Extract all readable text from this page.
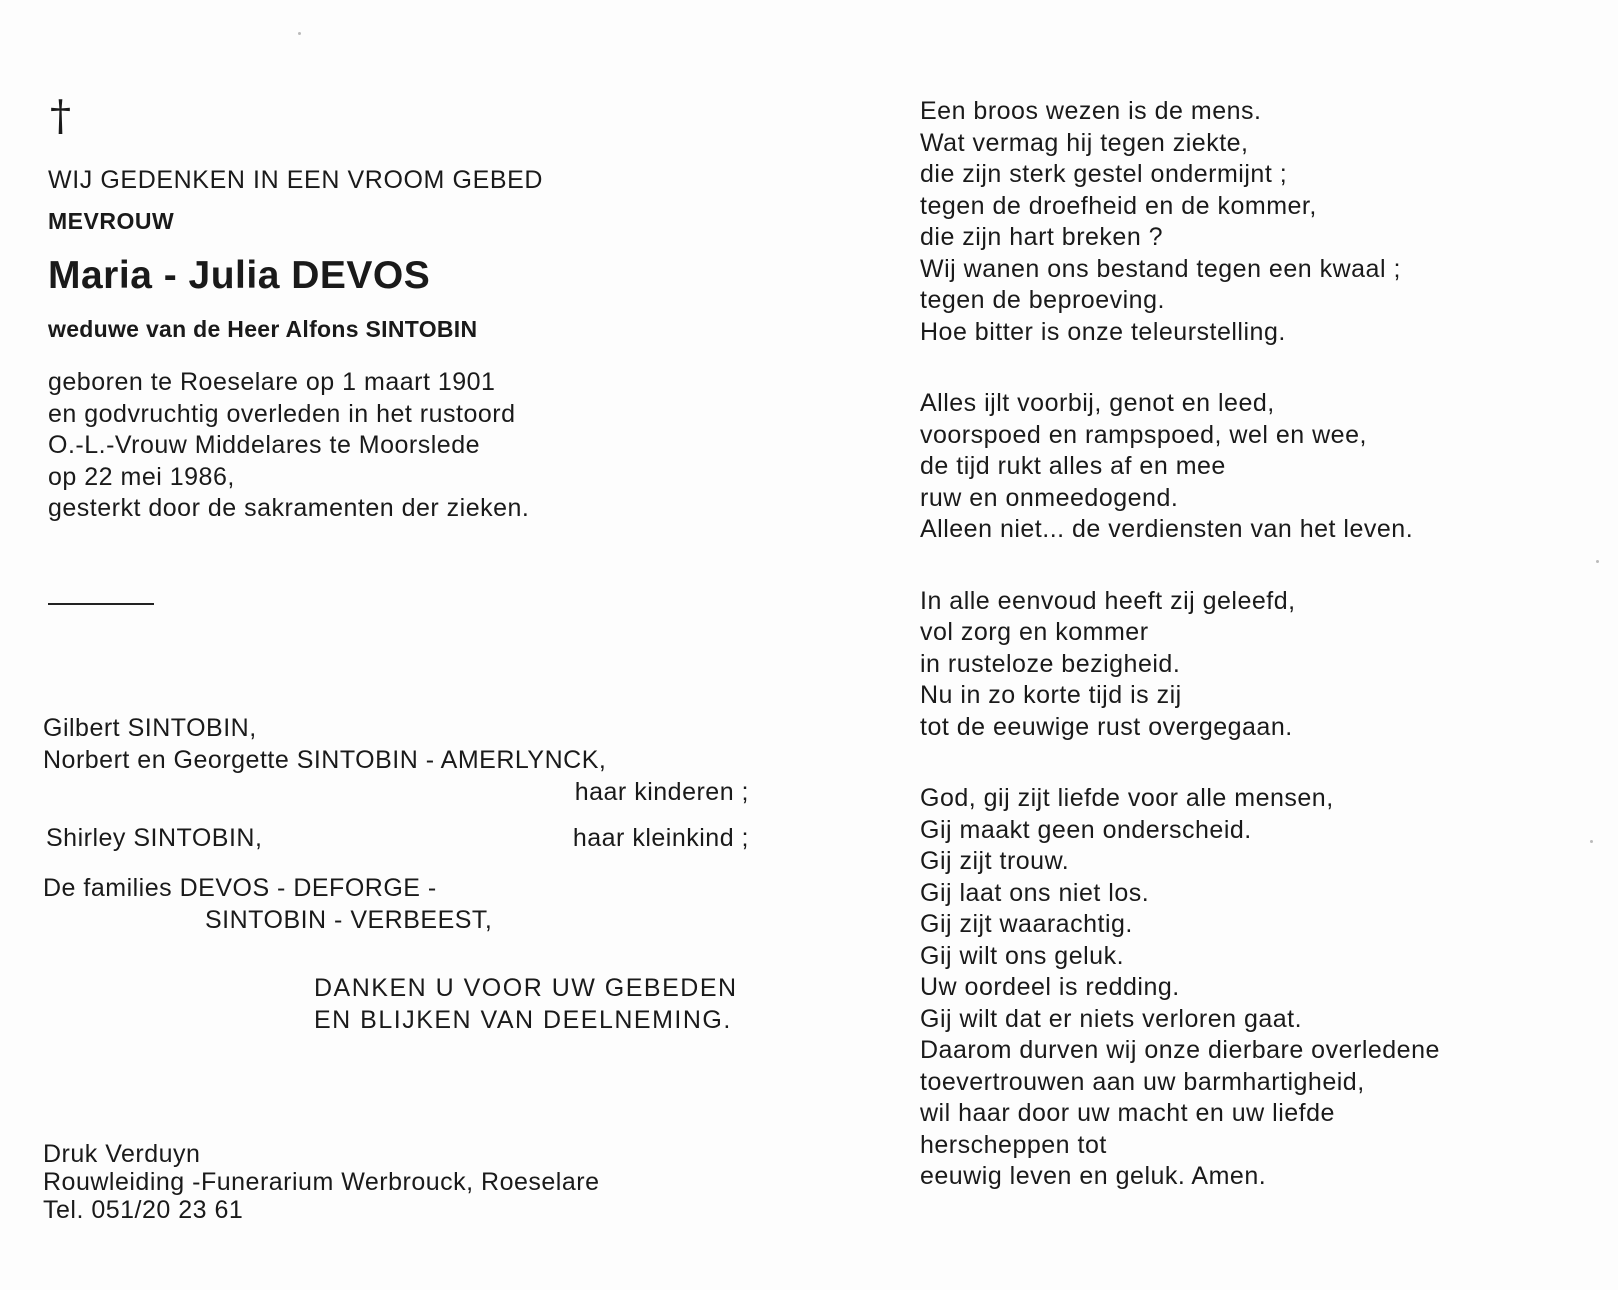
†
WIJ GEDENKEN IN EEN VROOM GEBED
MEVROUW
Maria - Julia DEVOS
weduwe van de Heer Alfons SINTOBIN
geboren te Roeselare op 1 maart 1901
en godvruchtig overleden in het rustoord
O.-L.-Vrouw Middelares te Moorslede
op 22 mei 1986,
gesterkt door de sakramenten der zieken.
Gilbert SINTOBIN,
Norbert en Georgette SINTOBIN - AMERLYNCK,
haar kinderen ;
Shirley SINTOBIN,	haar kleinkind ;
De families DEVOS - DEFORGE -
SINTOBIN - VERBEEST,
DANKEN U VOOR UW GEBEDEN
EN BLIJKEN VAN DEELNEMING.
Druk Verduyn
Rouwleiding -Funerarium Werbrouck, Roeselare
Tel. 051/20 23 61
Een broos wezen is de mens.
Wat vermag hij tegen ziekte,
die zijn sterk gestel ondermijnt ;
tegen de droefheid en de kommer,
die zijn hart breken ?
Wij wanen ons bestand tegen een kwaal ;
tegen de beproeving.
Hoe bitter is onze teleurstelling.
Alles ijlt voorbij, genot en leed,
voorspoed en rampspoed, wel en wee,
de tijd rukt alles af en mee
ruw en onmeedogend.
Alleen niet... de verdiensten van het leven.
In alle eenvoud heeft zij geleefd,
vol zorg en kommer
in rusteloze bezigheid.
Nu in zo korte tijd is zij
tot de eeuwige rust overgegaan.
God, gij zijt liefde voor alle mensen,
Gij maakt geen onderscheid.
Gij zijt trouw.
Gij laat ons niet los.
Gij zijt waarachtig.
Gij wilt ons geluk.
Uw oordeel is redding.
Gij wilt dat er niets verloren gaat.
Daarom durven wij onze dierbare overledene
toevertrouwen aan uw barmhartigheid,
wil haar door uw macht en uw liefde
herscheppen tot
eeuwig leven en geluk. Amen.
